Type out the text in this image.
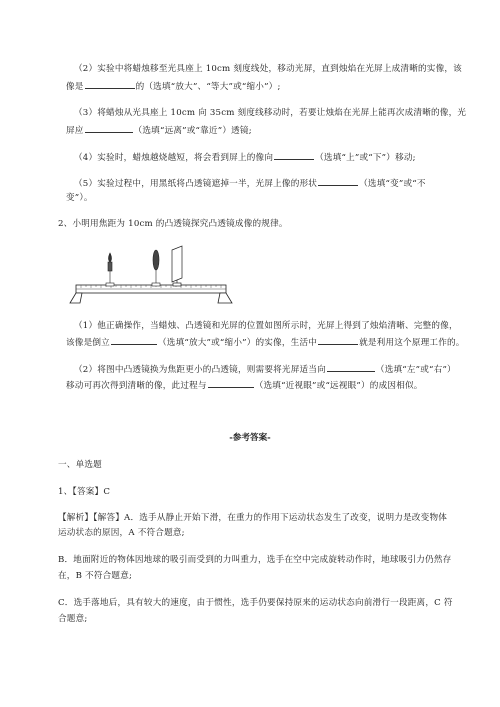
（2）实验中将蜡烛移至光具座上 10cm 刻度线处，移动光屏，直到烛焰在光屏上成清晰的实像，该
像是	的（选填“放大”、“等大”或“缩小”）;
（3）将蜡烛从光具座上 10cm 向 35cm 刻度线移动时，若要让烛焰在光屏上能再次成清晰的像，光
屏应	（选填“远离”或“靠近”）透镜;
（4）实验时，蜡烛越烧越短，将会看到屏上的像向	（选填“上”或“下”）移动;
（5）实验过程中，用黑纸将凸透镜遮掉一半，光屏上像的形状	（选填“变”或“不
变”）。
2、小明用焦距为 10cm 的凸透镜探究凸透镜成像的规律。
（1）他正确操作，当蜡烛、凸透镜和光屏的位置如图所示时，光屏上得到了烛焰清晰、完整的像，
该像是倒立	（选填“放大”或“缩小”）的实像，生活中	就是利用这个原理工作的。
（2）将图中凸透镜换为焦距更小的凸透镜，则需要将光屏适当向	（选填“左”或“右”）
移动可再次得到清晰的像，此过程与	（选填“近视眼”或“远视眼”）的成因相似。
-参考答案-
一、单选题
1、【答案】C
【解析】【解答】A．选手从静止开始下滑，在重力的作用下运动状态发生了改变，说明力是改变物体
运动状态的原因，A 不符合题意;
B．地面附近的物体因地球的吸引而受到的力叫重力，选手在空中完成旋转动作时，地球吸引力仍然存
在，B 不符合题意;
C．选手落地后，具有较大的速度，由于惯性，选手仍要保持原来的运动状态向前滑行一段距离，C 符
合题意;
